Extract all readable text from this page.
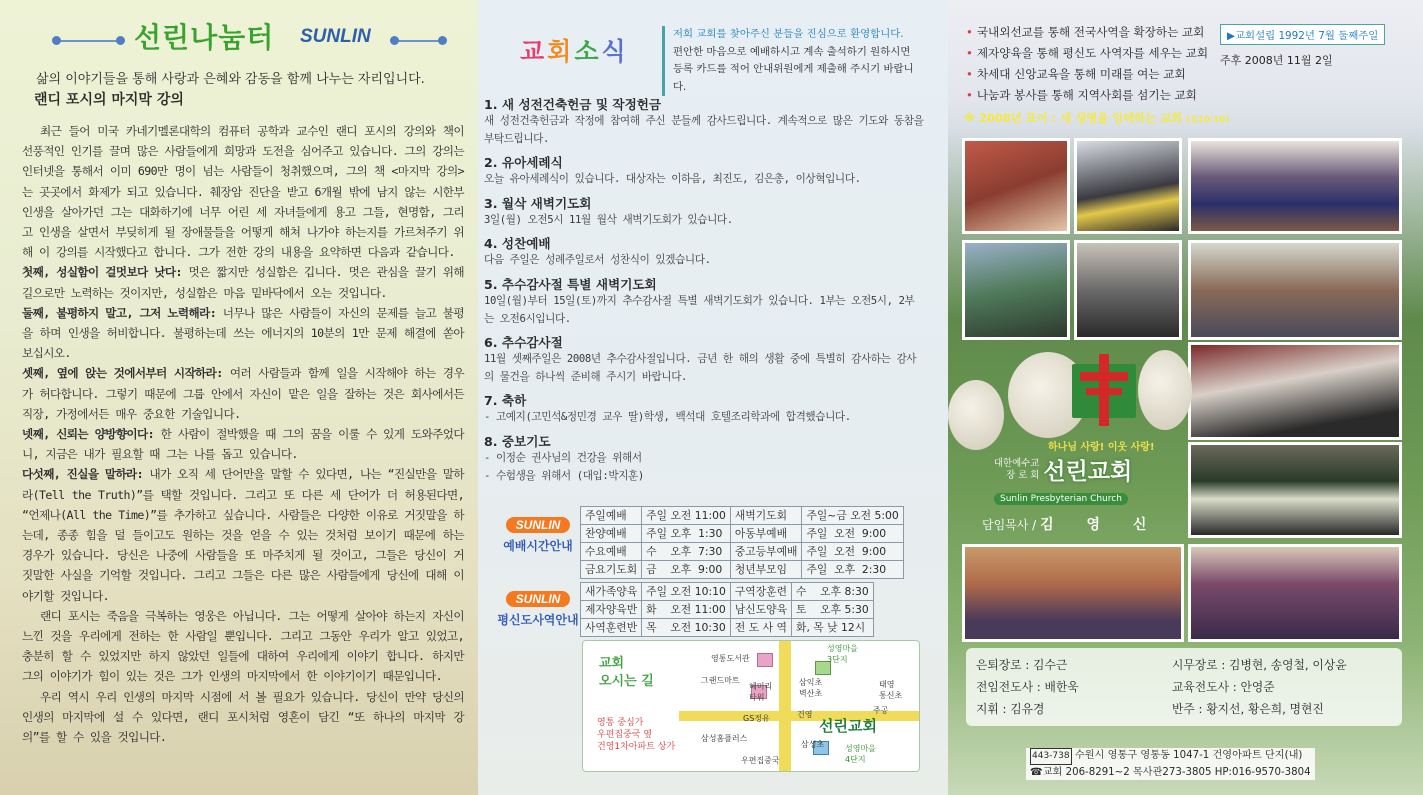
선린나눔터 SUNLIN
삶의 이야기들을 통해 사랑과 은혜와 감동을 함께 나누는 자리입니다.
랜디 포시의 마지막 강의

최근 들어 미국 카네기멜론대학의 컴퓨터 공학과 교수인 랜디 포시의 강의와 책이 선풍적인 인기를 끌며 많은 사람들에게 희망과 도전을 심어주고 있습니다. 그의 강의는 인터넷을 통해서 이미 690만 명이 넘는 사람들이 청취했으며, 그의 책 <마지막 강의>는 곳곳에서 화제가 되고 있습니다. 췌장암 진단을 받고 6개월 밖에 남지 않는 시한부 인생을 살아가던 그는 대화하기에 너무 어린 세 자녀들에게 용고 그들, 현명함, 그리고 인생을 살면서 부딪히게 될 장애물들을 어떻게 해쳐 나가야 하는지를 가르쳐주기 위해 이 강의를 시작했다고 합니다. 그가 전한 강의 내용을 요약하면 다음과 같습니다.

첫째, 성실함이 걸멋보다 낫다: 멋은 짧지만 성실함은 깁니다. 멋은 관심을 끌기 위해 길으로만 노력하는 것이지만, 성실함은 마음 밑바닥에서 오는 것입니다.

둘째, 불평하지 말고, 그저 노력해라: 너무나 많은 사람들이 자신의 문제를 늘고 불평을 하며 인생을 허비합니다. 불평하는데 쓰는 에너지의 10분의 1만 문제 해결에 쏟아 보십시오.

셋째, 옆에 앉는 것에서부터 시작하라: 여러 사람들과 함께 일을 시작해야 하는 경우가 허다합니다. 그렇기 때문에 그룹 안에서 자신이 맡은 일을 잘하는 것은 회사에서든 직장, 가정에서든 매우 중요한 기술입니다.

넷째, 신뢰는 양방향이다: 한 사람이 절박했을 때 그의 꿈을 이룰 수 있게 도와주었다니, 지금은 내가 필요할 때 그는 나를 돕고 있습니다.

다섯째, 진실을 말하라: 내가 오직 세 단어만을 말할 수 있다면, 나는 “진실만을 말하라(Tell the Truth)”를 택할 것입니다. 그리고 또 다른 세 단어가 더 허용된다면, “언제나(All the Time)”를 추가하고 싶습니다. 사람들은 다양한 이유로 거짓말을 하는데, 종종 힘을 덜 들이고도 원하는 것을 얻을 수 있는 것처럼 보이기 때문에 하는 경우가 있습니다. 당신은 나중에 사람들을 또 마주치게 될 것이고, 그들은 당신이 거짓말한 사실을 기억할 것입니다. 그리고 그들은 다른 많은 사람들에게 당신에 대해 이야기할 것입니다.

랜디 포시는 죽음을 극복하는 영웅은 아닙니다. 그는 어떻게 살아야 하는지 자신이 느낀 것을 우리에게 전하는 한 사람일 뿐입니다. 그리고 그동안 우리가 알고 있었고, 충분히 할 수 있었지만 하지 않았던 일들에 대하여 우리에게 이야기 합니다. 하지만 그의 이야기가 힘이 있는 것은 그가 인생의 마지막에서 한 이야기이기 때문입니다.

우리 역시 우리 인생의 마지막 시점에 서 볼 필요가 있습니다. 당신이 만약 당신의 인생의 마지막에 설 수 있다면, 랜디 포시처럼 영혼이 담긴 “또 하나의 마지막 강의”를 할 수 있을 것입니다.

교회소식
저희 교회를 찾아주신 분들을 진심으로 환영합니다.
편안한 마음으로 예배하시고 계속 출석하기 원하시면
등록 카드를 적어 안내위원에게 제출해 주시기 바랍니다.
1. 새 성전건축헌금 및 작정헌금
새 성전건축헌금과 작정에 참여해 주신 분들께 감사드립니다. 계속적으로 많은 기도와 동참을 부탁드립니다.
2. 유아세례식
오늘 유아세례식이 있습니다. 대상자는 이하음, 최진도, 김은총, 이상혁입니다.
3. 월삭 새벽기도회
3일(월) 오전5시 11월 월삭 새벽기도회가 있습니다.
4. 성찬예배
다음 주일은 성례주일로서 성찬식이 있겠습니다.
5. 추수감사절 특별 새벽기도회
10일(월)부터 15일(토)까지 추수감사절 특별 새벽기도회가 있습니다. 1부는 오전5시, 2부는 오전6시입니다.
6. 추수감사절
11월 셋째주일은 2008년 추수감사절입니다. 금년 한 해의 생활 중에 특별히 감사하는 감사의 물건을 하나씩 준비해 주시기 바랍니다.
7. 축하
- 고예지(고민석&정민경 교우 딸)학생, 백석대 호텔조리학과에 합격했습니다.
8. 중보기도
- 이정순 권사님의 건강을 위해서
- 수험생을 위해서 (대입:박지훈)
SUNLIN
예배시간안내
주일예배	주일 오전 11:00	새벽기도회	주일~금 오전 5:00
찬양예배	주일 오후  1:30	아동부예배	주일  오전  9:00
수요예배	수    오후  7:30	중고등부예배	주일  오전  9:00
금요기도회	금    오후  9:00	청년부모임	주일  오후  2:30
SUNLIN
평신도사역안내
새가족양육	주일 오전 10:10	구역장훈련	수    오후 8:30
제자양육반	화    오전 11:00	남신도양육	토    오후 5:30
사역훈련반	목    오전 10:30	전 도 사 역	화, 목 낮 12시
교회
오시는 길
영통 중심가
우편집중국 옆
건영1차아파트 상가
선린교회
영통도서관
성영마을
3단지
그랜드마트
헤미리
타워
삼익초
벽산초
태영
통신초
GS정유	건영	주공
삼성홈플러스
삼성초
우편집중국
성영마을
4단지
• 국내외선교를 통해 전국사역을 확장하는 교회
• 제자양육을 통해 평신도 사역자를 세우는 교회
• 차세대 신앙교육을 통해 미래를 여는 교회
• 나눔과 봉사를 통해 지역사회를 섬기는 교회
▶교회설립 1992년 7월 둘째주일
주후 2008년 11월 2일
※ 2008년 표어 : 새 생명을 잉태하는 교회 (요10:10)
하나님 사랑! 이웃 사랑!
대한예수교
장 로 회 선린교회
Sunlin Presbyterian Church
담임목사 / 김 영 신
은퇴장로 : 김수근	시무장로 : 김병현, 송영철, 이상윤
전임전도사 : 배한욱	교육전도사 : 안영준
지휘 : 김유경	반주 : 황지선, 황은희, 명현진
443-738 수원시 영통구 영통동 1047-1 건영아파트 단지(내)
☎교회 206-8291~2 목사관273-3805 HP:016-9570-3804
